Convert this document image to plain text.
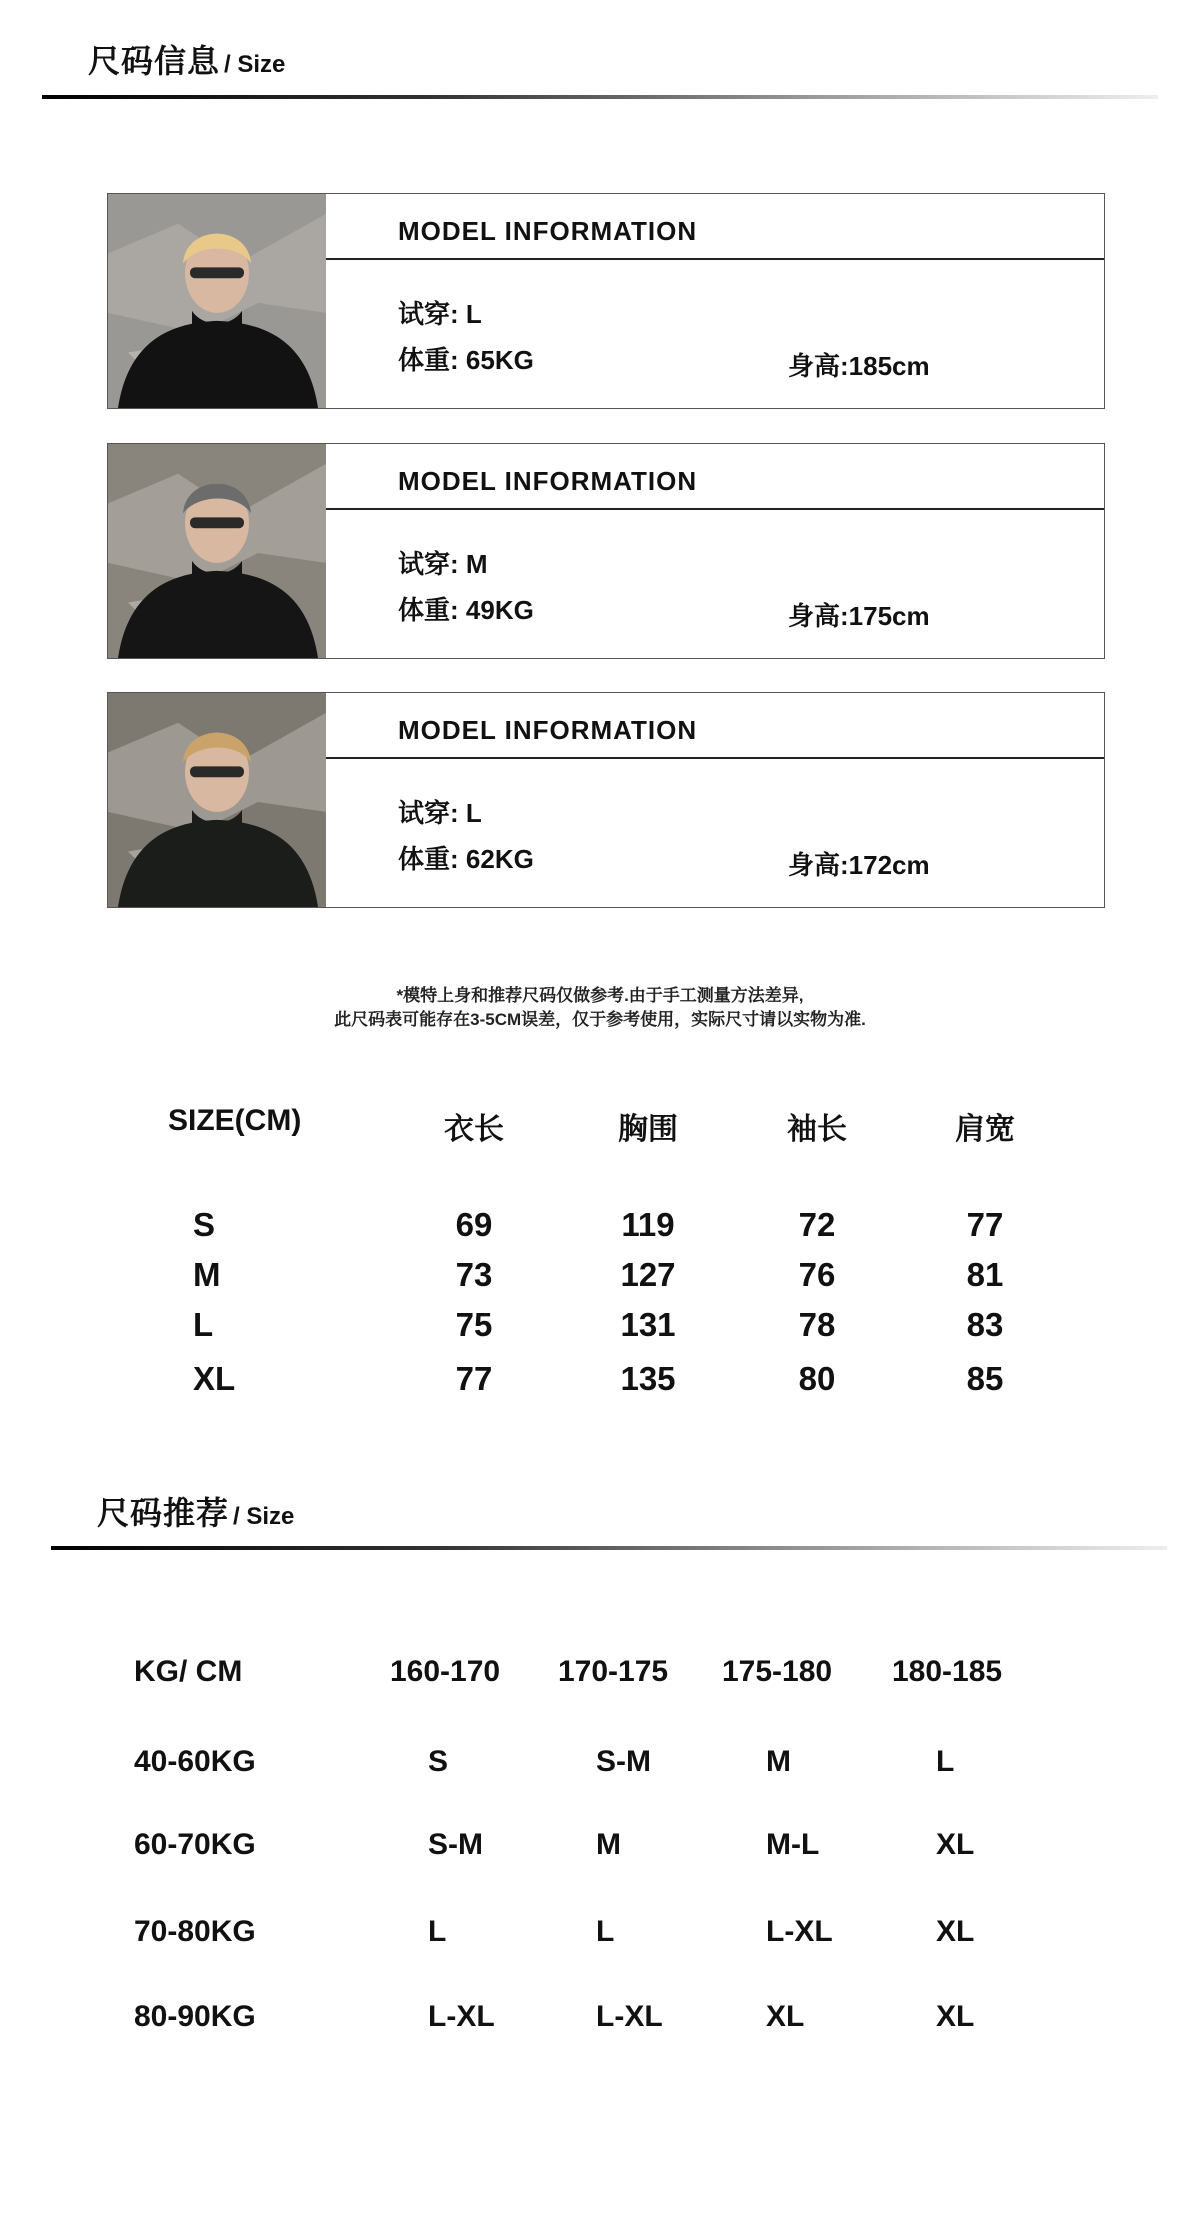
尺码信息 / Size
MODEL INFORMATION
试穿: L
体重: 65KG	身高:185cm
MODEL INFORMATION
试穿: M
体重: 49KG	身高:175cm
MODEL INFORMATION
试穿: L
体重: 62KG	身高:172cm
*模特上身和推荐尺码仅做参考.由于手工测量方法差异,
此尺码表可能存在3-5CM误差，仅于参考使用，实际尺寸请以实物为准.
SIZE(CM)	衣长	胸围	袖长	肩宽
S	69	119	72	77
M	73	127	76	81
L	75	131	78	83
XL	77	135	80	85
尺码推荐 / Size
KG/ CM	160-170 170-175 175-180 180-185
40-60KG	S	S-M	M	L
60-70KG	S-M	M	M-L	XL
70-80KG	L	L	L-XL	XL
80-90KG	L-XL	L-XL	XL	XL
